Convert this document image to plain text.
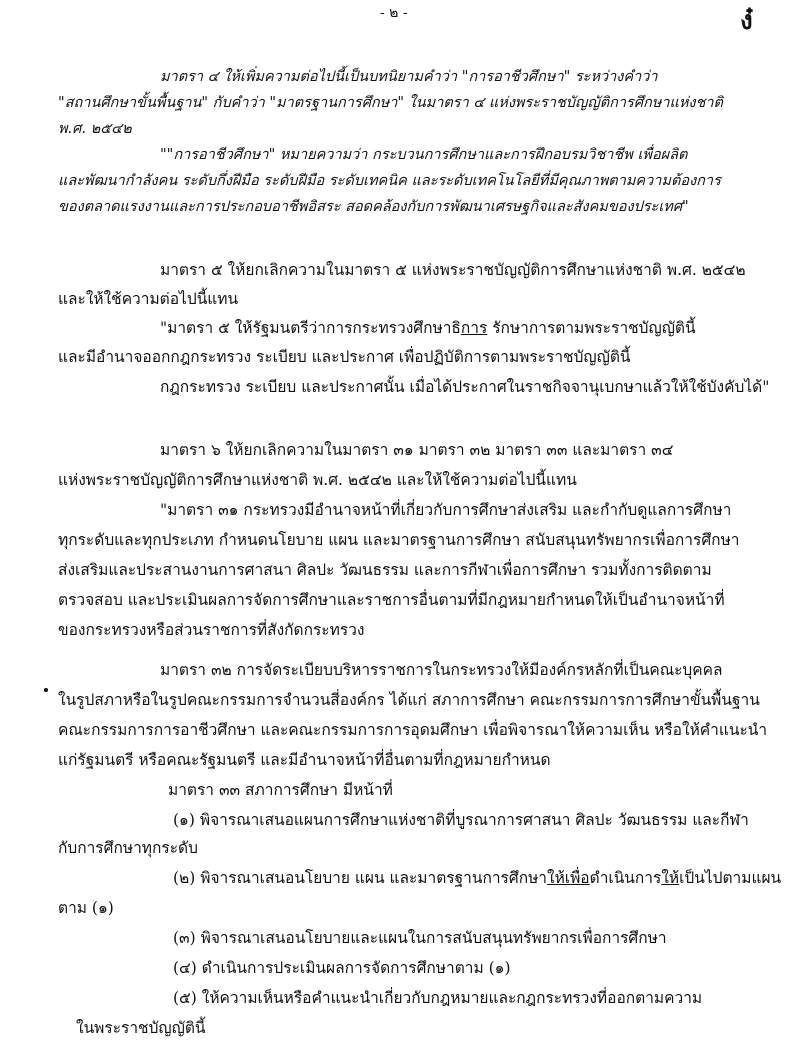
- ๒ -	ง๋
มาตรา ๔ ให้เพิ่มความต่อไปนี้เป็นบทนิยามคำว่า "การอาชีวศึกษา" ระหว่างคำว่า
"สถานศึกษาขั้นพื้นฐาน" กับคำว่า "มาตรฐานการศึกษา" ในมาตรา ๔ แห่งพระราชบัญญัติการศึกษาแห่งชาติ
พ.ศ. ๒๕๔๒
""การอาชีวศึกษา" หมายความว่า กระบวนการศึกษาและการฝึกอบรมวิชาชีพ เพื่อผลิต
และพัฒนากำลังคน ระดับกึ่งฝีมือ ระดับฝีมือ ระดับเทคนิค และระดับเทคโนโลยีที่มีคุณภาพตามความต้องการ
ของตลาดแรงงานและการประกอบอาชีพอิสระ สอดคล้องกับการพัฒนาเศรษฐกิจและสังคมของประเทศ"
มาตรา ๕ ให้ยกเลิกความในมาตรา ๕ แห่งพระราชบัญญัติการศึกษาแห่งชาติ พ.ศ. ๒๕๔๒
และให้ใช้ความต่อไปนี้แทน
"มาตรา ๕ ให้รัฐมนตรีว่าการกระทรวงศึกษาธิการ รักษาการตามพระราชบัญญัตินี้
และมีอำนาจออกกฎกระทรวง ระเบียบ และประกาศ เพื่อปฏิบัติการตามพระราชบัญญัตินี้
กฎกระทรวง ระเบียบ และประกาศนั้น เมื่อได้ประกาศในราชกิจจานุเบกษาแล้วให้ใช้บังคับได้"
มาตรา ๖ ให้ยกเลิกความในมาตรา ๓๑ มาตรา ๓๒ มาตรา ๓๓ และมาตรา ๓๔
แห่งพระราชบัญญัติการศึกษาแห่งชาติ พ.ศ. ๒๕๔๒ และให้ใช้ความต่อไปนี้แทน
"มาตรา ๓๑ กระทรวงมีอำนาจหน้าที่เกี่ยวกับการศึกษาส่งเสริม และกำกับดูแลการศึกษา
ทุกระดับและทุกประเภท กำหนดนโยบาย แผน และมาตรฐานการศึกษา สนับสนุนทรัพยากรเพื่อการศึกษา
ส่งเสริมและประสานงานการศาสนา ศิลปะ วัฒนธรรม และการกีฬาเพื่อการศึกษา รวมทั้งการติดตาม
ตรวจสอบ และประเมินผลการจัดการศึกษาและราชการอื่นตามที่มีกฎหมายกำหนดให้เป็นอำนาจหน้าที่
ของกระทรวงหรือส่วนราชการที่สังกัดกระทรวง
มาตรา ๓๒ การจัดระเบียบบริหารราชการในกระทรวงให้มีองค์กรหลักที่เป็นคณะบุคคล
ในรูปสภาหรือในรูปคณะกรรมการจำนวนสี่องค์กร ได้แก่ สภาการศึกษา คณะกรรมการการศึกษาขั้นพื้นฐาน
คณะกรรมการการอาชีวศึกษา และคณะกรรมการการอุดมศึกษา เพื่อพิจารณาให้ความเห็น หรือให้คำแนะนำ
แก่รัฐมนตรี หรือคณะรัฐมนตรี และมีอำนาจหน้าที่อื่นตามที่กฎหมายกำหนด
มาตรา ๓๓ สภาการศึกษา มีหน้าที่
(๑) พิจารณาเสนอแผนการศึกษาแห่งชาติที่บูรณาการศาสนา ศิลปะ วัฒนธรรม และกีฬา
กับการศึกษาทุกระดับ
(๒) พิจารณาเสนอนโยบาย แผน และมาตรฐานการศึกษาให้เพื่อดำเนินการให้เป็นไปตามแผน
ตาม (๑)
(๓) พิจารณาเสนอนโยบายและแผนในการสนับสนุนทรัพยากรเพื่อการศึกษา
(๔) ดำเนินการประเมินผลการจัดการศึกษาตาม (๑)
(๕) ให้ความเห็นหรือคำแนะนำเกี่ยวกับกฎหมายและกฎกระทรวงที่ออกตามความ
ในพระราชบัญญัตินี้
